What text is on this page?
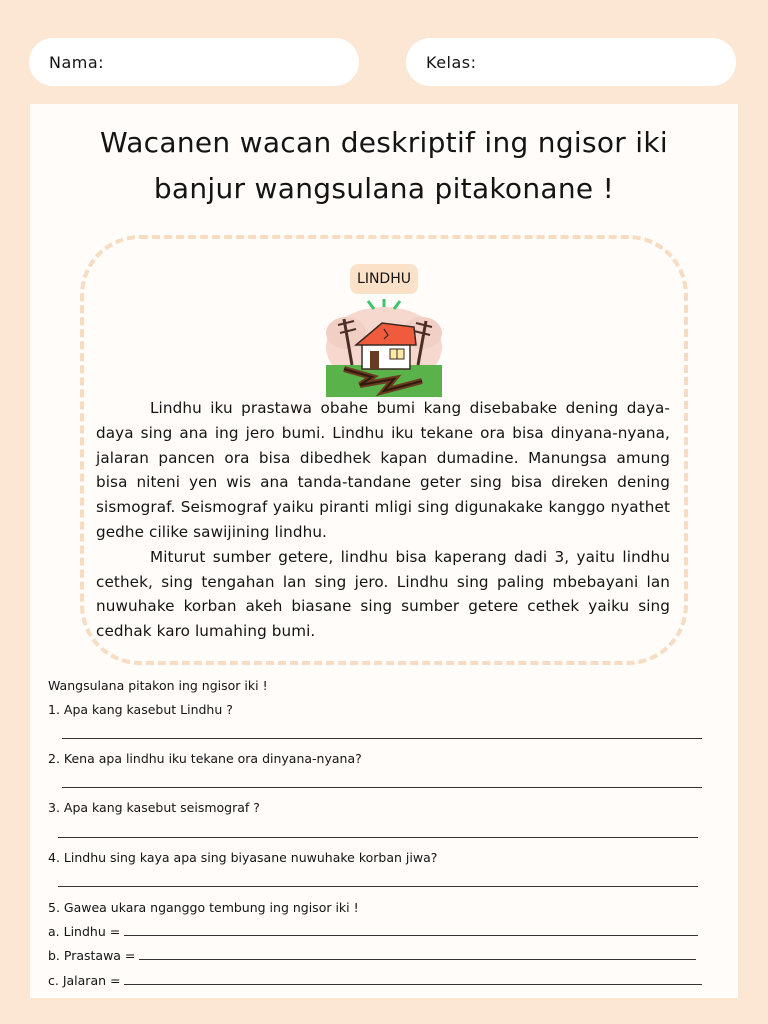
Nama:	Kelas:
Wacanen wacan deskriptif ing ngisor iki
banjur wangsulana pitakonane !
LINDHU

Lindhu iku prastawa obahe bumi kang disebabake dening daya-daya sing ana ing jero bumi. Lindhu iku tekane ora bisa dinyana-nyana, jalaran pancen ora bisa dibedhek kapan dumadine. Manungsa amung bisa niteni yen wis ana tanda-tandane geter sing bisa direken dening sismograf. Seismograf yaiku piranti mligi sing digunakake kanggo nyathet gedhe cilike sawijining lindhu.

Miturut sumber getere, lindhu bisa kaperang dadi 3, yaitu lindhu cethek, sing tengahan lan sing jero. Lindhu sing paling mbebayani lan nuwuhake korban akeh biasane sing sumber getere cethek yaiku sing cedhak karo lumahing bumi.

Wangsulana pitakon ing ngisor iki !
1. Apa kang kasebut Lindhu ?
2. Kena apa lindhu iku tekane ora dinyana-nyana?
3. Apa kang kasebut seismograf ?
4. Lindhu sing kaya apa sing biyasane nuwuhake korban jiwa?
5. Gawea ukara nganggo tembung ing ngisor iki !
a. Lindhu =
b. Prastawa =
c. Jalaran =
